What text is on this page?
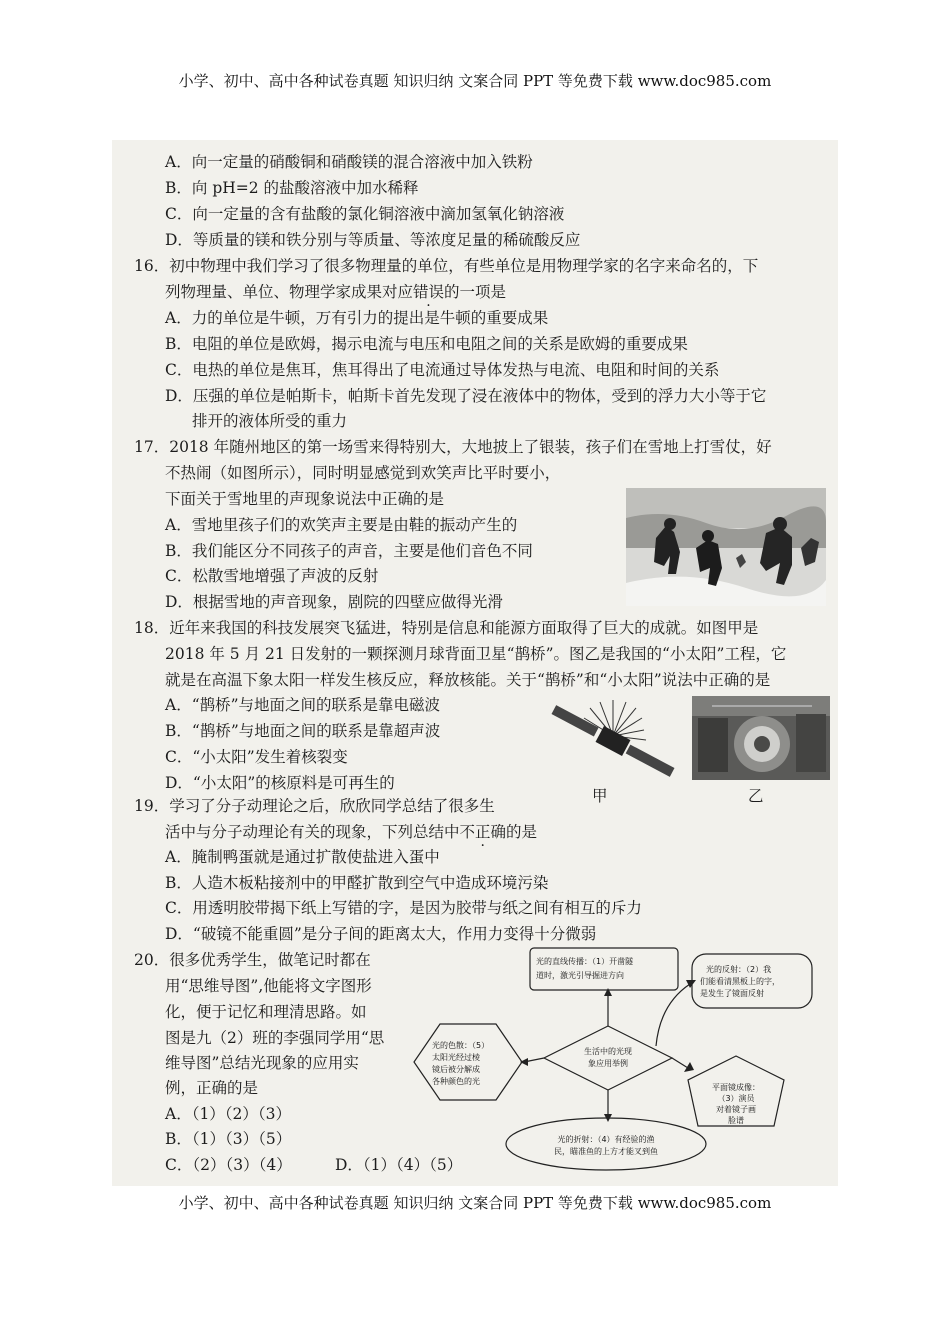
小学、初中、高中各种试卷真题 知识归纳 文案合同 PPT 等免费下载 www.doc985.com
A．向一定量的硝酸铜和硝酸镁的混合溶液中加入铁粉
B．向 pH=2 的盐酸溶液中加水稀释
C．向一定量的含有盐酸的氯化铜溶液中滴加氢氧化钠溶液
D．等质量的镁和铁分别与等质量、等浓度足量的稀硫酸反应
16．初中物理中我们学习了很多物理量的单位，有些单位是用物理学家的名字来命名的，下
列物理量、单位、物理学家成果对应错误的一项是
A．力的单位是牛顿，万有引力的提出是牛顿的重要成果
B．电阻的单位是欧姆，揭示电流与电压和电阻之间的关系是欧姆的重要成果
C．电热的单位是焦耳，焦耳得出了电流通过导体发热与电流、电阻和时间的关系
D．压强的单位是帕斯卡，帕斯卡首先发现了浸在液体中的物体，受到的浮力大小等于它
排开的液体所受的重力
17．2018 年随州地区的第一场雪来得特别大，大地披上了银装，孩子们在雪地上打雪仗，好
不热闹（如图所示），同时明显感觉到欢笑声比平时要小，
下面关于雪地里的声现象说法中正确的是
A．雪地里孩子们的欢笑声主要是由鞋的振动产生的
B．我们能区分不同孩子的声音，主要是他们音色不同
C．松散雪地增强了声波的反射
D．根据雪地的声音现象，剧院的四壁应做得光滑
18．近年来我国的科技发展突飞猛进，特别是信息和能源方面取得了巨大的成就。如图甲是
2018 年 5 月 21 日发射的一颗探测月球背面卫星“鹊桥”。图乙是我国的“小太阳”工程，它
就是在高温下象太阳一样发生核反应，释放核能。关于“鹊桥”和“小太阳”说法中正确的是
A．“鹊桥”与地面之间的联系是靠电磁波
B．“鹊桥”与地面之间的联系是靠超声波
C．“小太阳”发生着核裂变
D．“小太阳”的核原料是可再生的
甲	乙
19．学习了分子动理论之后，欣欣同学总结了很多生
活中与分子动理论有关的现象，下列总结中不正确的是
A．腌制鸭蛋就是通过扩散使盐进入蛋中
B．人造木板粘接剂中的甲醛扩散到空气中造成环境污染
C．用透明胶带揭下纸上写错的字，是因为胶带与纸之间有相互的斥力
D．“破镜不能重圆”是分子间的距离太大，作用力变得十分微弱
20．很多优秀学生，做笔记时都在
用“思维导图”,他能将文字图形
化，便于记忆和理清思路。如
图是九（2）班的李强同学用“思
维导图”总结光现象的应用实
例，正确的是
A．（1）（2）（3）
B．（1）（3）（5）
C．（2）（3）（4）	D．（1）（4）（5）
生活中的光现
象应用举例
光的直线传播：（1）开凿隧
道时，激光引导掘进方向
光的反射：（2）我
们能看清黑板上的字，
是发生了镜面反射
平面镜成像：
（3）演员
对着镜子画
脸谱
光的折射：（4）有经验的渔
民，瞄准鱼的上方才能叉到鱼
光的色散：（5）
太阳光经过棱
镜后被分解成
各种颜色的光
小学、初中、高中各种试卷真题 知识归纳 文案合同 PPT 等免费下载 www.doc985.com
